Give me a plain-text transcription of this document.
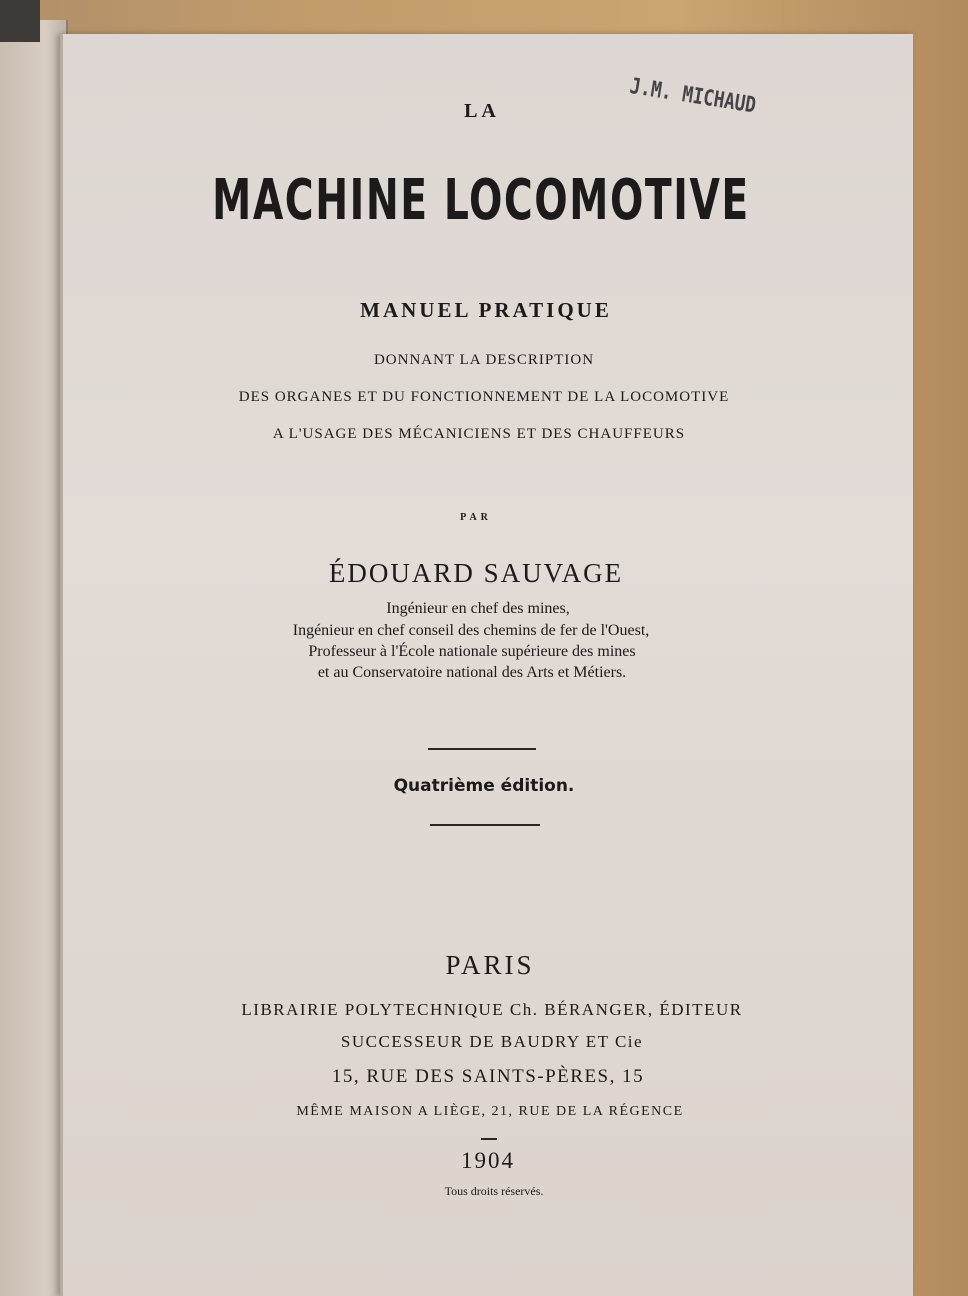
J.M. MICHAUD
LA
MACHINE LOCOMOTIVE
MANUEL PRATIQUE
DONNANT LA DESCRIPTION
DES ORGANES ET DU FONCTIONNEMENT DE LA LOCOMOTIVE
A L'USAGE DES MÉCANICIENS ET DES CHAUFFEURS
PAR
ÉDOUARD SAUVAGE
Ingénieur en chef des mines,
Ingénieur en chef conseil des chemins de fer de l'Ouest,
Professeur à l'École nationale supérieure des mines
et au Conservatoire national des Arts et Métiers.
Quatrième édition.
PARIS
LIBRAIRIE POLYTECHNIQUE Ch. BÉRANGER, ÉDITEUR
SUCCESSEUR DE BAUDRY ET Cie
15, RUE DES SAINTS-PÈRES, 15
MÊME MAISON A LIÈGE, 21, RUE DE LA RÉGENCE
1904
Tous droits réservés.
